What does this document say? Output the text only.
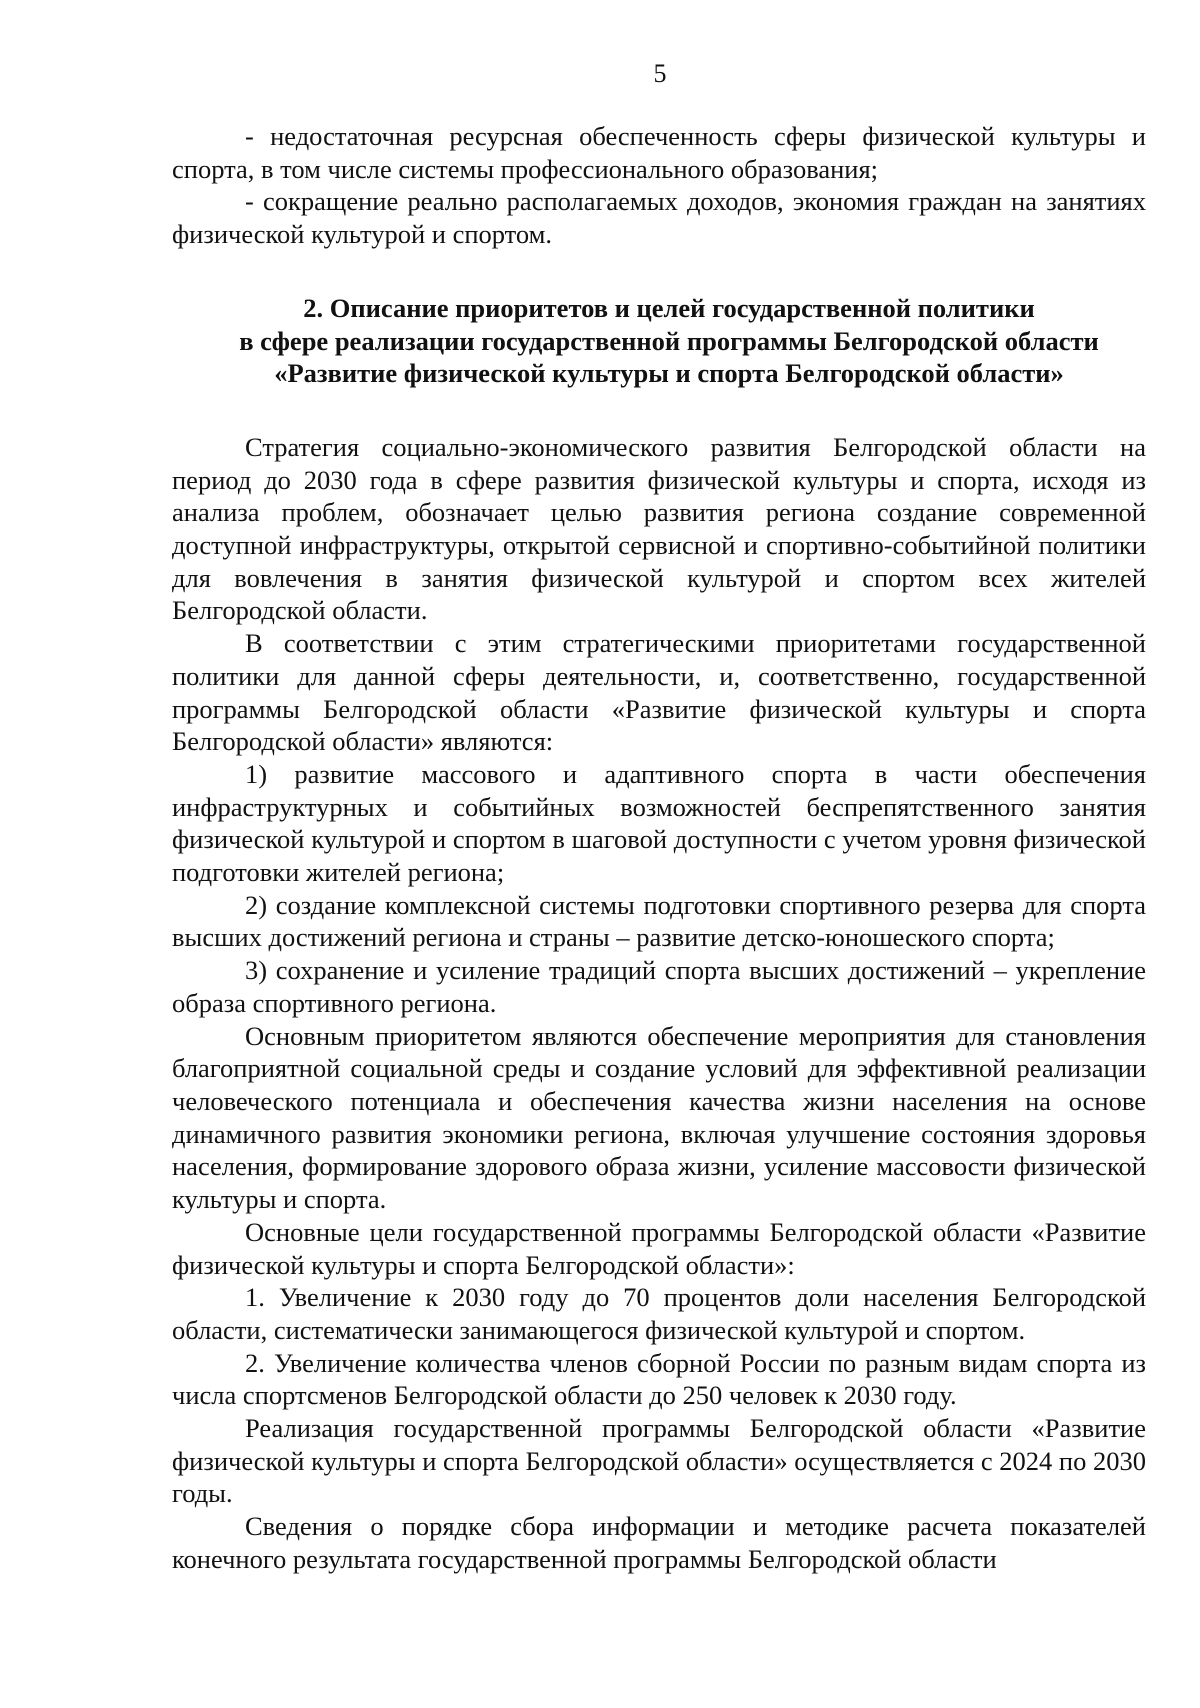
5

- недостаточная ресурсная обеспеченность сферы физической культуры и спорта, в том числе системы профессионального образования;

- сокращение реально располагаемых доходов, экономия граждан на занятиях физической культурой и спортом.

2. Описание приоритетов и целей государственной политики
в сфере реализации государственной программы Белгородской области
«Развитие физической культуры и спорта Белгородской области»

Стратегия социально-экономического развития Белгородской области на период до 2030 года в сфере развития физической культуры и спорта, исходя из анализа проблем, обозначает целью развития региона создание современной доступной инфраструктуры, открытой сервисной и спортивно-событийной политики для вовлечения в занятия физической культурой и спортом всех жителей Белгородской области.

В соответствии с этим стратегическими приоритетами государственной политики для данной сферы деятельности, и, соответственно, государственной программы Белгородской области «Развитие физической культуры и спорта Белгородской области» являются:

1) развитие массового и адаптивного спорта в части обеспечения инфраструктурных и событийных возможностей беспрепятственного занятия физической культурой и спортом в шаговой доступности с учетом уровня физической подготовки жителей региона;

2) создание комплексной системы подготовки спортивного резерва для спорта высших достижений региона и страны – развитие детско-юношеского спорта;

3) сохранение и усиление традиций спорта высших достижений – укрепление образа спортивного региона.

Основным приоритетом являются обеспечение мероприятия для становления благоприятной социальной среды и создание условий для эффективной реализации человеческого потенциала и обеспечения качества жизни населения на основе динамичного развития экономики региона, включая улучшение состояния здоровья населения, формирование здорового образа жизни, усиление массовости физической культуры и спорта.

Основные цели государственной программы Белгородской области «Развитие физической культуры и спорта Белгородской области»:

1. Увеличение к 2030 году до 70 процентов доли населения Белгородской области, систематически занимающегося физической культурой и спортом.

2. Увеличение количества членов сборной России по разным видам спорта из числа спортсменов Белгородской области до 250 человек к 2030 году.

Реализация государственной программы Белгородской области «Развитие физической культуры и спорта Белгородской области» осуществляется с 2024 по 2030 годы.

Сведения о порядке сбора информации и методике расчета показателей конечного результата государственной программы Белгородской области
